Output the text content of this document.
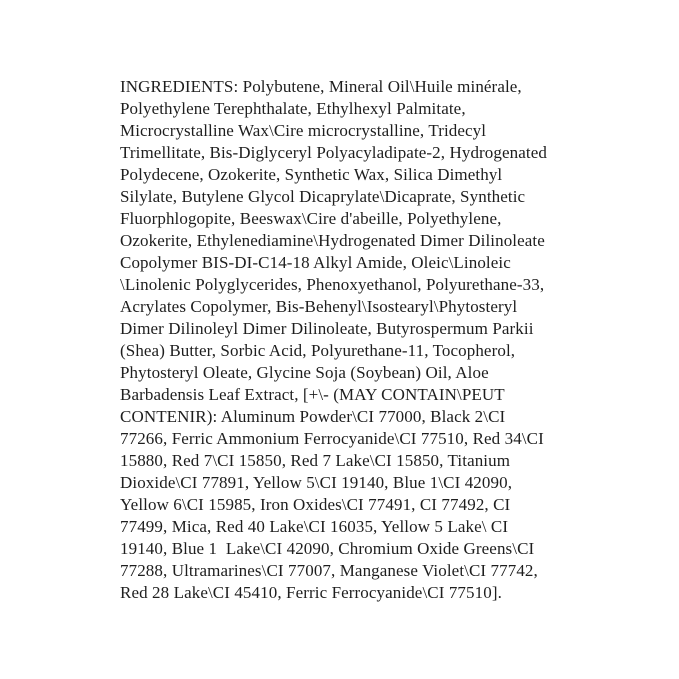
INGREDIENTS: Polybutene, Mineral Oil\Huile minérale,
Polyethylene Terephthalate, Ethylhexyl Palmitate,
Microcrystalline Wax\Cire microcrystalline, Tridecyl
Trimellitate, Bis-Diglyceryl Polyacyladipate-2, Hydrogenated
Polydecene, Ozokerite, Synthetic Wax, Silica Dimethyl
Silylate, Butylene Glycol Dicaprylate\Dicaprate, Synthetic
Fluorphlogopite, Beeswax\Cire d'abeille, Polyethylene,
Ozokerite, Ethylenediamine\Hydrogenated Dimer Dilinoleate
Copolymer BIS-DI-C14-18 Alkyl Amide, Oleic\Linoleic
\Linolenic Polyglycerides, Phenoxyethanol, Polyurethane-33,
Acrylates Copolymer, Bis-Behenyl\Isostearyl\Phytosteryl
Dimer Dilinoleyl Dimer Dilinoleate, Butyrospermum Parkii
(Shea) Butter, Sorbic Acid, Polyurethane-11, Tocopherol,
Phytosteryl Oleate, Glycine Soja (Soybean) Oil, Aloe
Barbadensis Leaf Extract, [+\- (MAY CONTAIN\PEUT
CONTENIR): Aluminum Powder\CI 77000, Black 2\CI
77266, Ferric Ammonium Ferrocyanide\CI 77510, Red 34\CI
15880, Red 7\CI 15850, Red 7 Lake\CI 15850, Titanium
Dioxide\CI 77891, Yellow 5\CI 19140, Blue 1\CI 42090,
Yellow 6\CI 15985, Iron Oxides\CI 77491, CI 77492, CI
77499, Mica, Red 40 Lake\CI 16035, Yellow 5 Lake\ CI
19140, Blue 1  Lake\CI 42090, Chromium Oxide Greens\CI
77288, Ultramarines\CI 77007, Manganese Violet\CI 77742,
Red 28 Lake\CI 45410, Ferric Ferrocyanide\CI 77510].
